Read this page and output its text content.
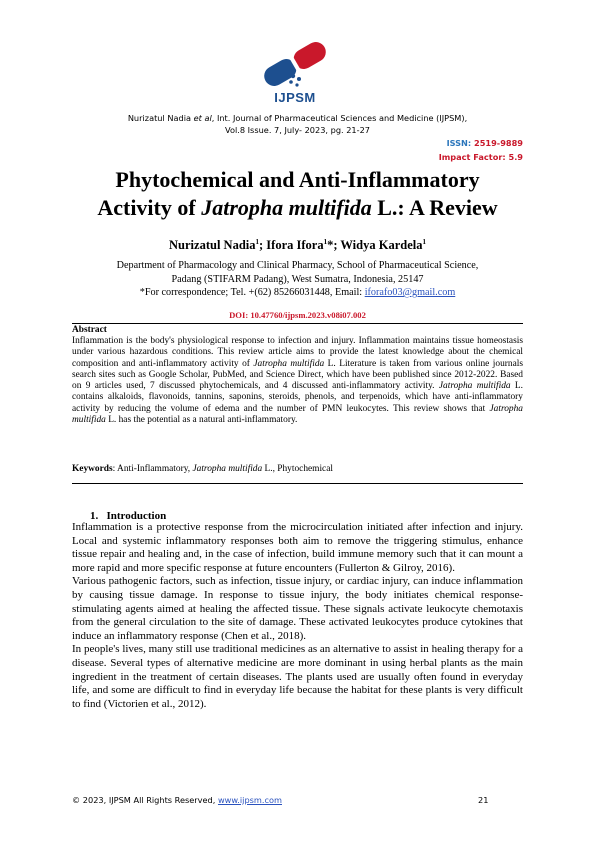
IJPSM
Nurizatul Nadia et al, Int. Journal of Pharmaceutical Sciences and Medicine (IJPSM),
Vol.8 Issue. 7, July- 2023, pg. 21-27
ISSN: 2519-9889
Impact Factor: 5.9
Phytochemical and Anti-Inflammatory
Activity of Jatropha multifida L.: A Review
Nurizatul Nadia$^1$; Ifora Ifora$^1$*; Widya Kardela$^1$
Department of Pharmacology and Clinical Pharmacy, School of Pharmaceutical Science,
Padang (STIFARM Padang), West Sumatra, Indonesia, 25147
*For correspondence; Tel. +(62) 85266031448, Email: iforafo03@gmail.com
DOI: 10.47760/ijpsm.2023.v08i07.002
Abstract
Inflammation is the body's physiological response to infection and injury. Inflammation maintains tissue homeostasis under various hazardous conditions. This review article aims to provide the latest knowledge about the chemical composition and anti-inflammatory activity of Jatropha multifida L. Literature is taken from various online journals search sites such as Google Scholar, PubMed, and Science Direct, which have been published since 2012-2022. Based on 9 articles used, 7 discussed phytochemicals, and 4 discussed anti-inflammatory activity. Jatropha multifida L. contains alkaloids, flavonoids, tannins, saponins, steroids, phenols, and terpenoids, which have anti-inflammatory activity by reducing the volume of edema and the number of PMN leukocytes. This review shows that Jatropha multifida L. has the potential as a natural anti-inflammatory.
Keywords: Anti-Inflammatory, Jatropha multifida L., Phytochemical
1.   Introduction

Inflammation is a protective response from the microcirculation initiated after infection and injury. Local and systemic inflammatory responses both aim to remove the triggering stimulus, enhance tissue repair and healing and, in the case of infection, build immune memory such that it can mount a more rapid and more specific response at future encounters (Fullerton & Gilroy, 2016).

Various pathogenic factors, such as infection, tissue injury, or cardiac injury, can induce inflammation by causing tissue damage. In response to tissue injury, the body initiates chemical response-stimulating agents aimed at healing the affected tissue. These signals activate leukocyte chemotaxis from the general circulation to the site of damage. These activated leukocytes produce cytokines that induce an inflammatory response (Chen et al., 2018).

In people's lives, many still use traditional medicines as an alternative to assist in healing therapy for a disease. Several types of alternative medicine are more dominant in using herbal plants as the main ingredient in the treatment of certain diseases. The plants used are usually often found in everyday life, and some are difficult to find in everyday life because the habitat for these plants is very difficult to find (Victorien et al., 2012).

© 2023, IJPSM All Rights Reserved, www.ijpsm.com	21
